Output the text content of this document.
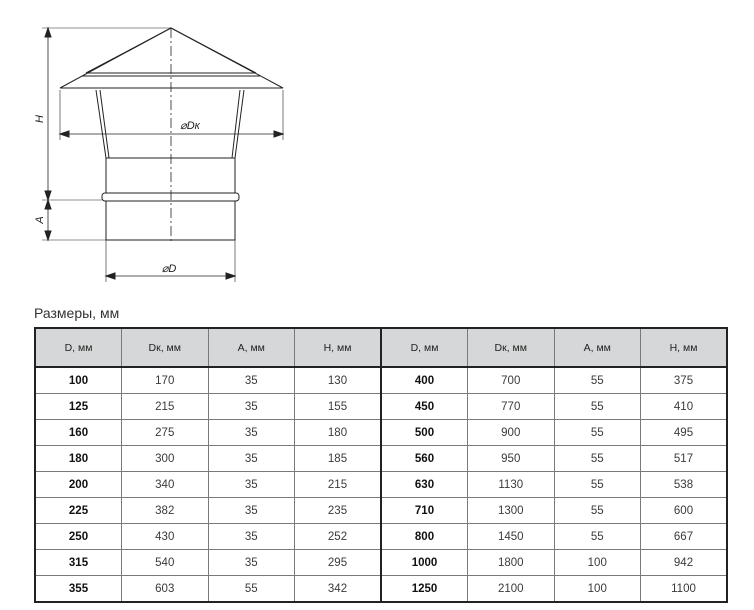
H
A
⌀Dк
⌀D
Размеры, мм
D, мм	Dк, мм	A, мм	H, мм	D, мм	Dк, мм	A, мм	H, мм
100	170	35	130	400	700	55	375
125	215	35	155	450	770	55	410
160	275	35	180	500	900	55	495
180	300	35	185	560	950	55	517
200	340	35	215	630	1130	55	538
225	382	35	235	710	1300	55	600
250	430	35	252	800	1450	55	667
315	540	35	295	1000	1800	100	942
355	603	55	342	1250	2100	100	1100
